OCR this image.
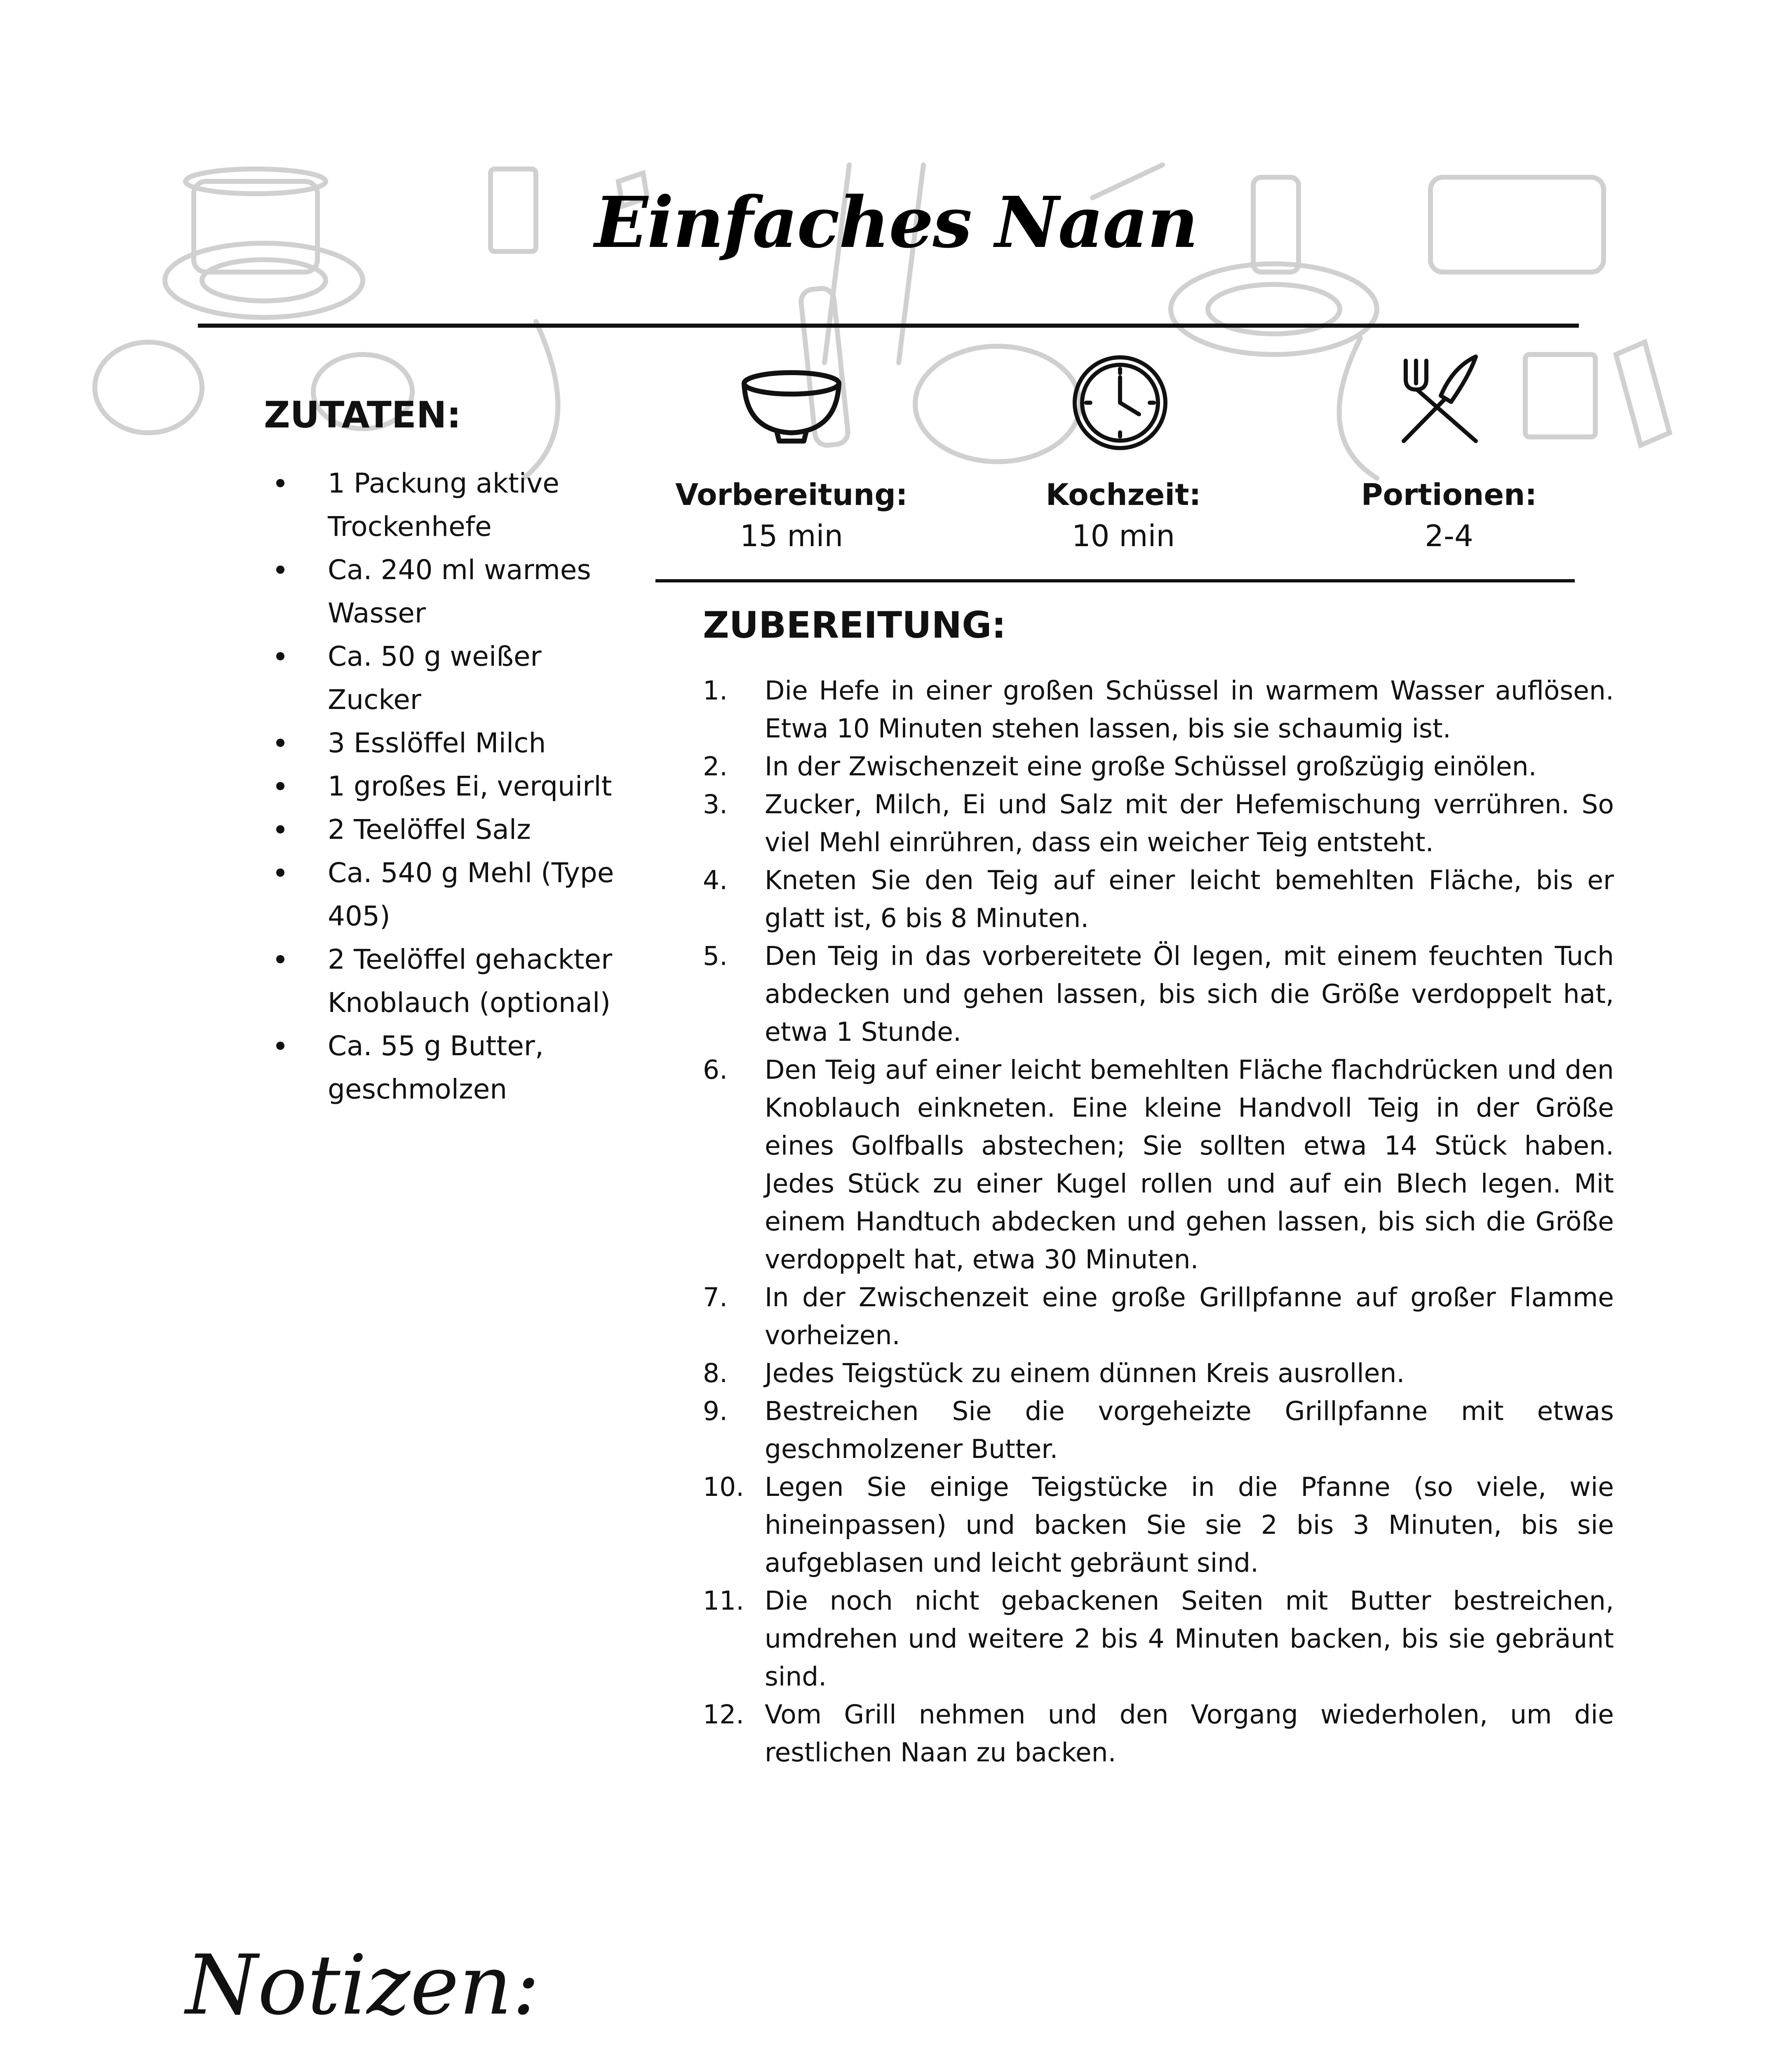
Einfaches Naan
ZUTATEN:
1 Packung aktive Trockenhefe
Ca. 240 ml warmes Wasser
Ca. 50 g weißer Zucker
3 Esslöffel Milch
1 großes Ei, verquirlt
2 Teelöffel Salz
Ca. 540 g Mehl (Type 405)
2 Teelöffel gehackter Knoblauch (optional)
Ca. 55 g Butter, geschmolzen
Vorbereitung:
15 min
Kochzeit:
10 min
Portionen:
2-4
ZUBEREITUNG:
1. Die Hefe in einer großen Schüssel in warmem Wasser auflösen. Etwa 10 Minuten stehen lassen, bis sie schaumig ist.
2. In der Zwischenzeit eine große Schüssel großzügig einölen.
3. Zucker, Milch, Ei und Salz mit der Hefemischung verrühren. So viel Mehl einrühren, dass ein weicher Teig entsteht.
4. Kneten Sie den Teig auf einer leicht bemehlten Fläche, bis er glatt ist, 6 bis 8 Minuten.
5. Den Teig in das vorbereitete Öl legen, mit einem feuchten Tuch abdecken und gehen lassen, bis sich die Größe verdoppelt hat, etwa 1 Stunde.
6. Den Teig auf einer leicht bemehlten Fläche flachdrücken und den Knoblauch einkneten. Eine kleine Handvoll Teig in der Größe eines Golfballs abstechen; Sie sollten etwa 14 Stück haben. Jedes Stück zu einer Kugel rollen und auf ein Blech legen. Mit einem Handtuch abdecken und gehen lassen, bis sich die Größe verdoppelt hat, etwa 30 Minuten.
7. In der Zwischenzeit eine große Grillpfanne auf großer Flamme vorheizen.
8. Jedes Teigstück zu einem dünnen Kreis ausrollen.
9. Bestreichen Sie die vorgeheizte Grillpfanne mit etwas geschmolzener Butter.
10. Legen Sie einige Teigstücke in die Pfanne (so viele, wie hineinpassen) und backen Sie sie 2 bis 3 Minuten, bis sie aufgeblasen und leicht gebräunt sind.
11. Die noch nicht gebackenen Seiten mit Butter bestreichen, umdrehen und weitere 2 bis 4 Minuten backen, bis sie gebräunt sind.
12. Vom Grill nehmen und den Vorgang wiederholen, um die restlichen Naan zu backen.
Notizen:
